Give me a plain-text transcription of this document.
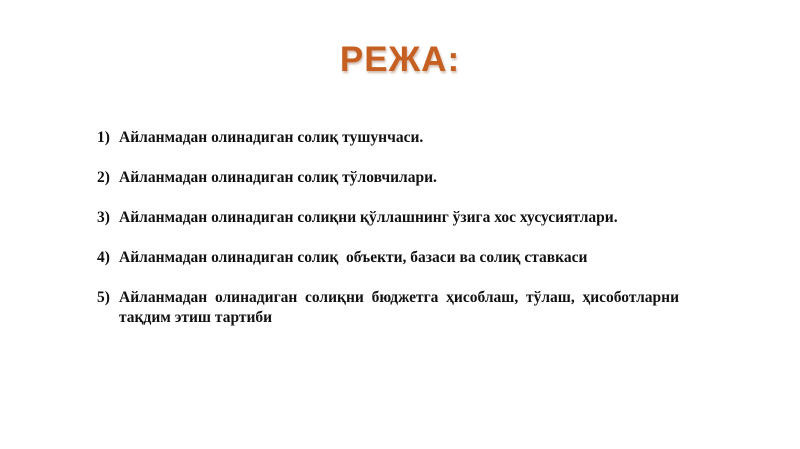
РЕЖА:
1) Айланмадан олинадиган солиқ тушунчаси.
2) Айланмадан олинадиган солиқ тўловчилари.
3) Айланмадан олинадиган солиқни қўллашнинг ўзига хос хусусиятлари.
4) Айланмадан олинадиган солиқ  объекти, базаси ва солиқ ставкаси
5) Айланмадан олинадиган солиқни бюджетга ҳисоблаш, тўлаш, ҳисоботларни тақдим этиш тартиби
